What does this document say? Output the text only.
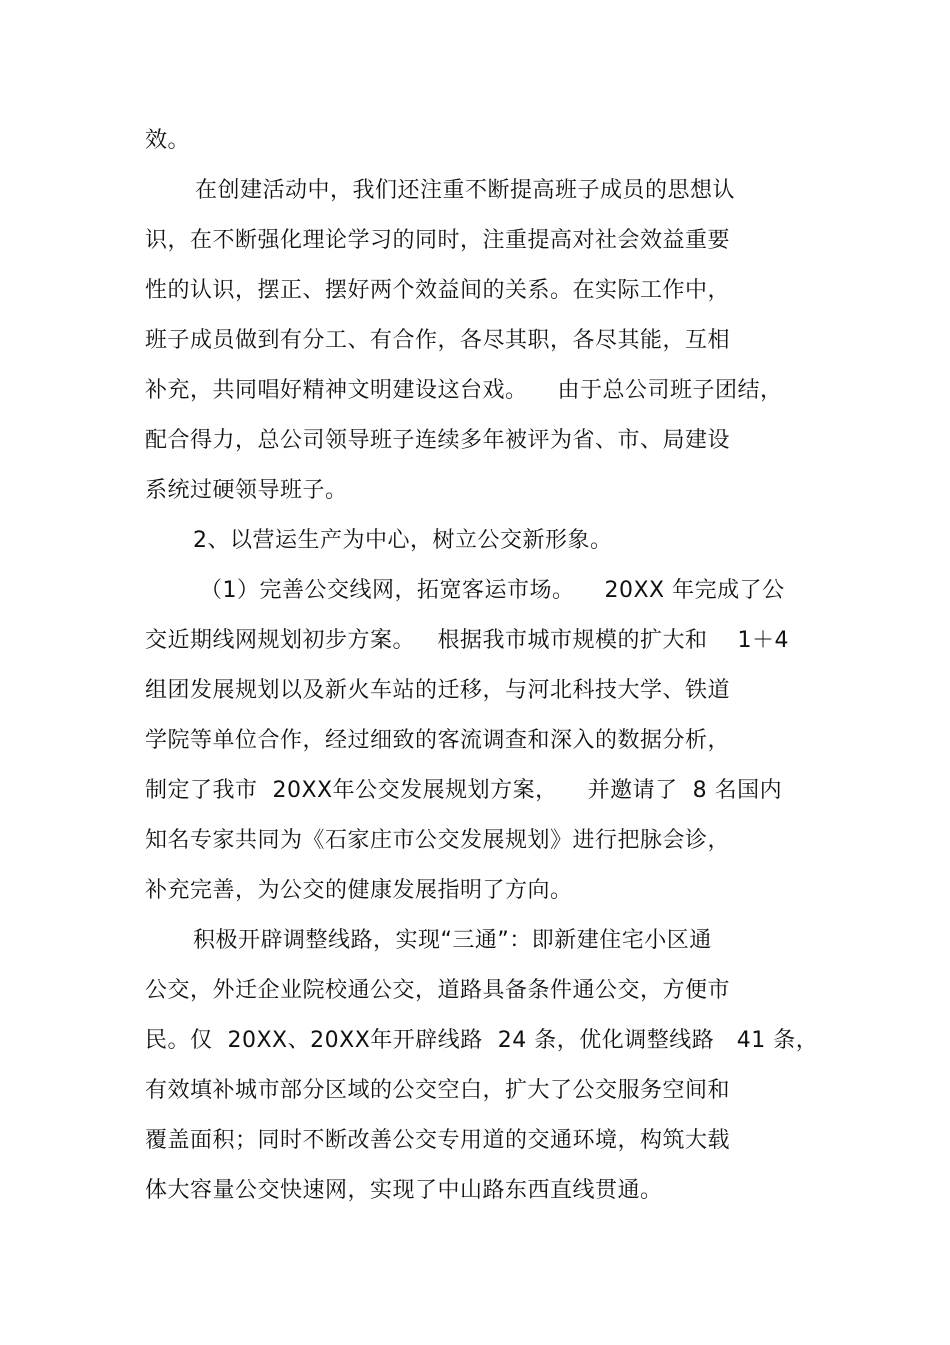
效。
在创建活动中，我们还注重不断提高班子成员的思想认
识，在不断强化理论学习的同时，注重提高对社会效益重要
性的认识，摆正、摆好两个效益间的关系。在实际工作中，
班子成员做到有分工、有合作，各尽其职，各尽其能，互相
补充，共同唱好精神文明建设这台戏。    由于总公司班子团结，
配合得力，总公司领导班子连续多年被评为省、市、局建设
系统过硬领导班子。
2、以营运生产为中心，树立公交新形象。
（1）完善公交线网，拓宽客运市场。    20XX 年完成了公
交近期线网规划初步方案。   根据我市城市规模的扩大和    1＋4
组团发展规划以及新火车站的迁移，与河北科技大学、铁道
学院等单位合作，经过细致的客流调查和深入的数据分析，
制定了我市  20XX年公交发展规划方案，    并邀请了  8 名国内
知名专家共同为《石家庄市公交发展规划》进行把脉会诊，
补充完善，为公交的健康发展指明了方向。
积极开辟调整线路，实现“三通”：即新建住宅小区通
公交，外迁企业院校通公交，道路具备条件通公交，方便市
民。仅  20XX、20XX年开辟线路  24 条，优化调整线路   41 条，
有效填补城市部分区域的公交空白，扩大了公交服务空间和
覆盖面积；同时不断改善公交专用道的交通环境，构筑大载
体大容量公交快速网，实现了中山路东西直线贯通。
